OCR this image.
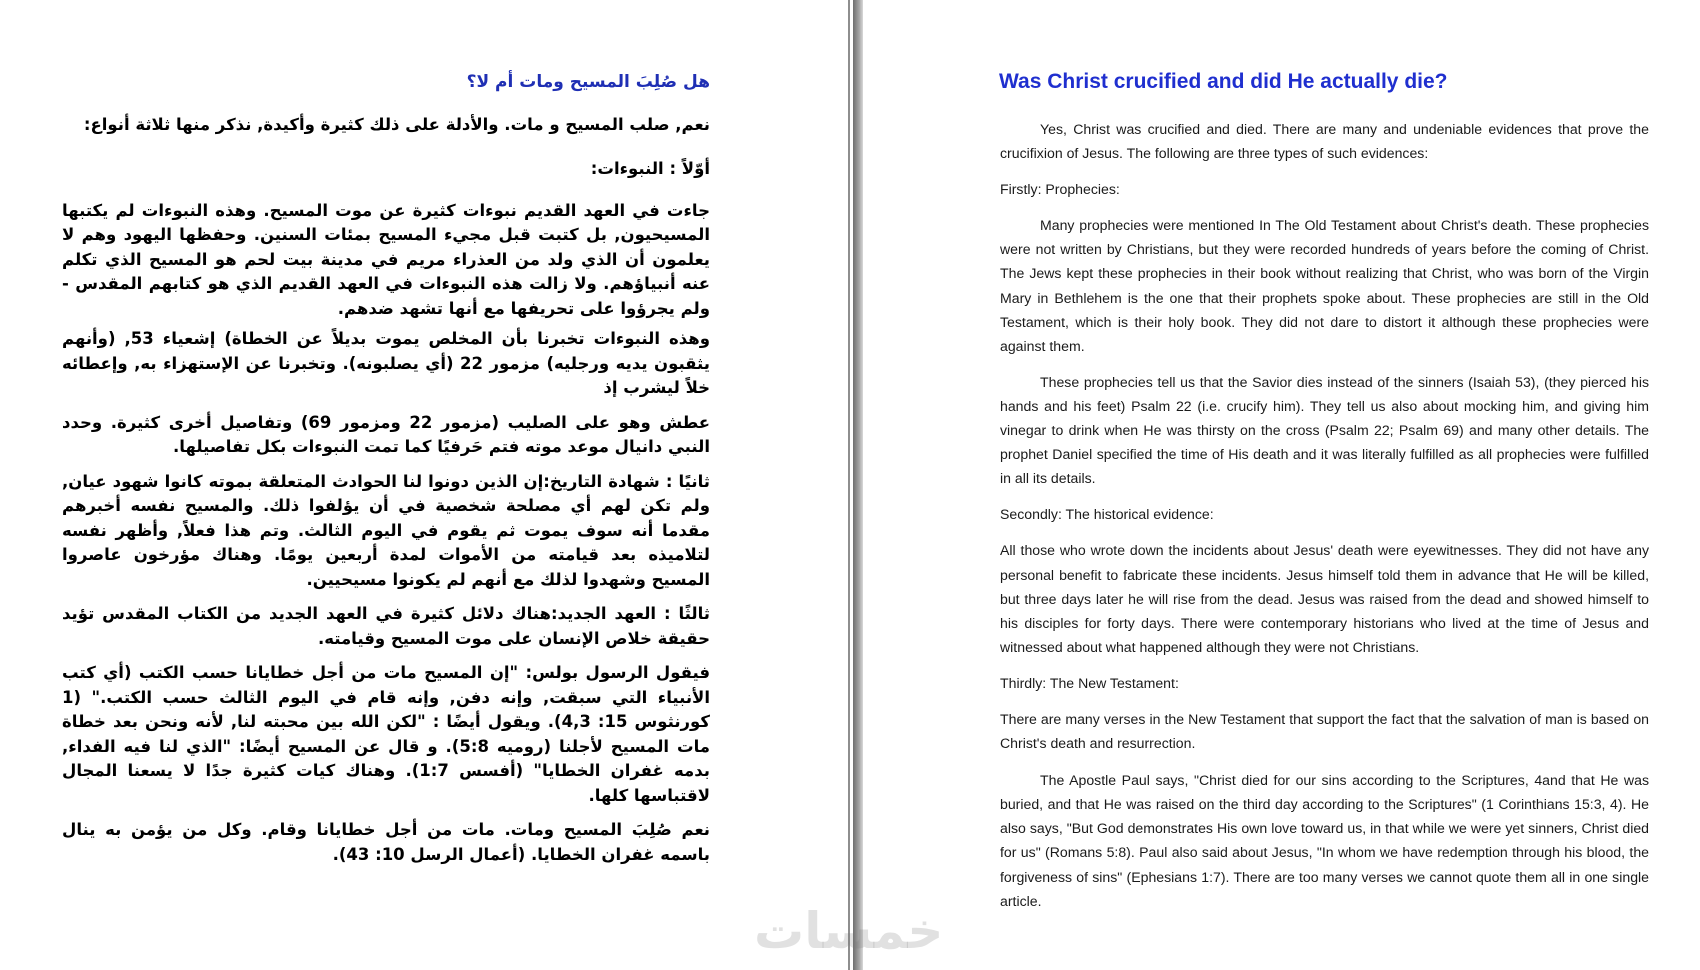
هل صُلِبَ المسيح ومات أم لا؟

نعم, صلب المسيح و مات. والأدلة على ذلك كثيرة وأكيدة, نذكر منها ثلاثة أنواع:

أوّلاً : النبوءات:

جاءت في العهد القديم نبوءات كثيرة عن موت المسيح. وهذه النبوءات لم يكتبها المسيحيون, بل كتبت قبل مجيء المسيح بمئات السنين. وحفظها اليهود وهم لا يعلمون أن الذي ولد من العذراء مريم في مدينة بيت لحم هو المسيح الذي تكلم عنه أنبياؤهم. ولا زالت هذه النبوءات في العهد القديم الذي هو كتابهم المقدس - ولم يجرؤوا على تحريفها مع أنها تشهد ضدهم.

وهذه النبوءات تخبرنا بأن المخلص يموت بديلاً عن الخطاة) إشعياء 53, (وأنهم يثقبون يديه ورجليه) مزمور 22 (أي يصلبونه). وتخبرنا عن الإستهزاء به, وإعطائه خلاً ليشرب إذ

عطش وهو على الصليب (مزمور 22 ومزمور 69) وتفاصيل أخرى كثيرة. وحدد النبي دانيال موعد موته فتم حَرفيًا كما تمت النبوءات بكل تفاصيلها.

ثانيًا : شهادة التاريخ:إن الذين دونوا لنا الحوادث المتعلقة بموته كانوا شهود عيان, ولم تكن لهم أي مصلحة شخصية في أن يؤلفوا ذلك. والمسيح نفسه أخبرهم مقدما أنه سوف يموت ثم يقوم في اليوم الثالث. وتم هذا فعلاً, وأظهر نفسه لتلاميذه بعد قيامته من الأموات لمدة أربعين يومًا. وهناك مؤرخون عاصروا المسيح وشهدوا لذلك مع أنهم لم يكونوا مسيحيين.

ثالثًا : العهد الجديد:هناك دلائل كثيرة في العهد الجديد من الكتاب المقدس تؤيد حقيقة خلاص الإنسان على موت المسيح وقيامته.

فيقول الرسول بولس: "إن المسيح مات من أجل خطايانا حسب الكتب (أي كتب الأنبياء التي سبقت, وإنه دفن, وإنه قام في اليوم الثالث حسب الكتب." (1 كورنثوس 15: 4,3). ويقول أيضًا : "لكن الله بين محبته لنا, لأنه ونحن بعد خطاة مات المسيح لأجلنا (روميه 5:8). و قال عن المسيح أيضًا: "الذي لنا فيه الفداء, بدمه غفران الخطايا" (أفسس 1:7). وهناك كيات كثيرة جدًا لا يسعنا المجال لاقتباسها كلها.

نعم صُلِبَ المسيح ومات. مات من أجل خطايانا وقام. وكل من يؤمن به ينال باسمه غفران الخطايا. (أعمال الرسل 10: 43).

Was Christ crucified and did He actually die?

Yes, Christ was crucified and died. There are many and undeniable evidences that prove the crucifixion of Jesus. The following are three types of such evidences:

Firstly: Prophecies:

Many prophecies were mentioned In The Old Testament about Christ's death. These prophecies were not written by Christians, but they were recorded hundreds of years before the coming of Christ. The Jews kept these prophecies in their book without realizing that Christ, who was born of the Virgin Mary in Bethlehem is the one that their prophets spoke about. These prophecies are still in the Old Testament, which is their holy book. They did not dare to distort it although these prophecies were against them.

These prophecies tell us that the Savior dies instead of the sinners (Isaiah 53), (they pierced his hands and his feet) Psalm 22 (i.e. crucify him). They tell us also about mocking him, and giving him vinegar to drink when He was thirsty on the cross (Psalm 22; Psalm 69) and many other details. The prophet Daniel specified the time of His death and it was literally fulfilled as all prophecies were fulfilled in all its details.

Secondly: The historical evidence:

All those who wrote down the incidents about Jesus' death were eyewitnesses. They did not have any personal benefit to fabricate these incidents. Jesus himself told them in advance that He will be killed, but three days later he will rise from the dead. Jesus was raised from the dead and showed himself to his disciples for forty days. There were contemporary historians who lived at the time of Jesus and witnessed about what happened although they were not Christians.

Thirdly: The New Testament:

There are many verses in the New Testament that support the fact that the salvation of man is based on Christ's death and resurrection.

The Apostle Paul says, "Christ died for our sins according to the Scriptures, 4and that He was buried, and that He was raised on the third day according to the Scriptures" (1 Corinthians 15:3, 4). He also says, "But God demonstrates His own love toward us, in that while we were yet sinners, Christ died for us" (Romans 5:8). Paul also said about Jesus, "In whom we have redemption through his blood, the forgiveness of sins" (Ephesians 1:7). There are too many verses we cannot quote them all in one single article.

خمسات
